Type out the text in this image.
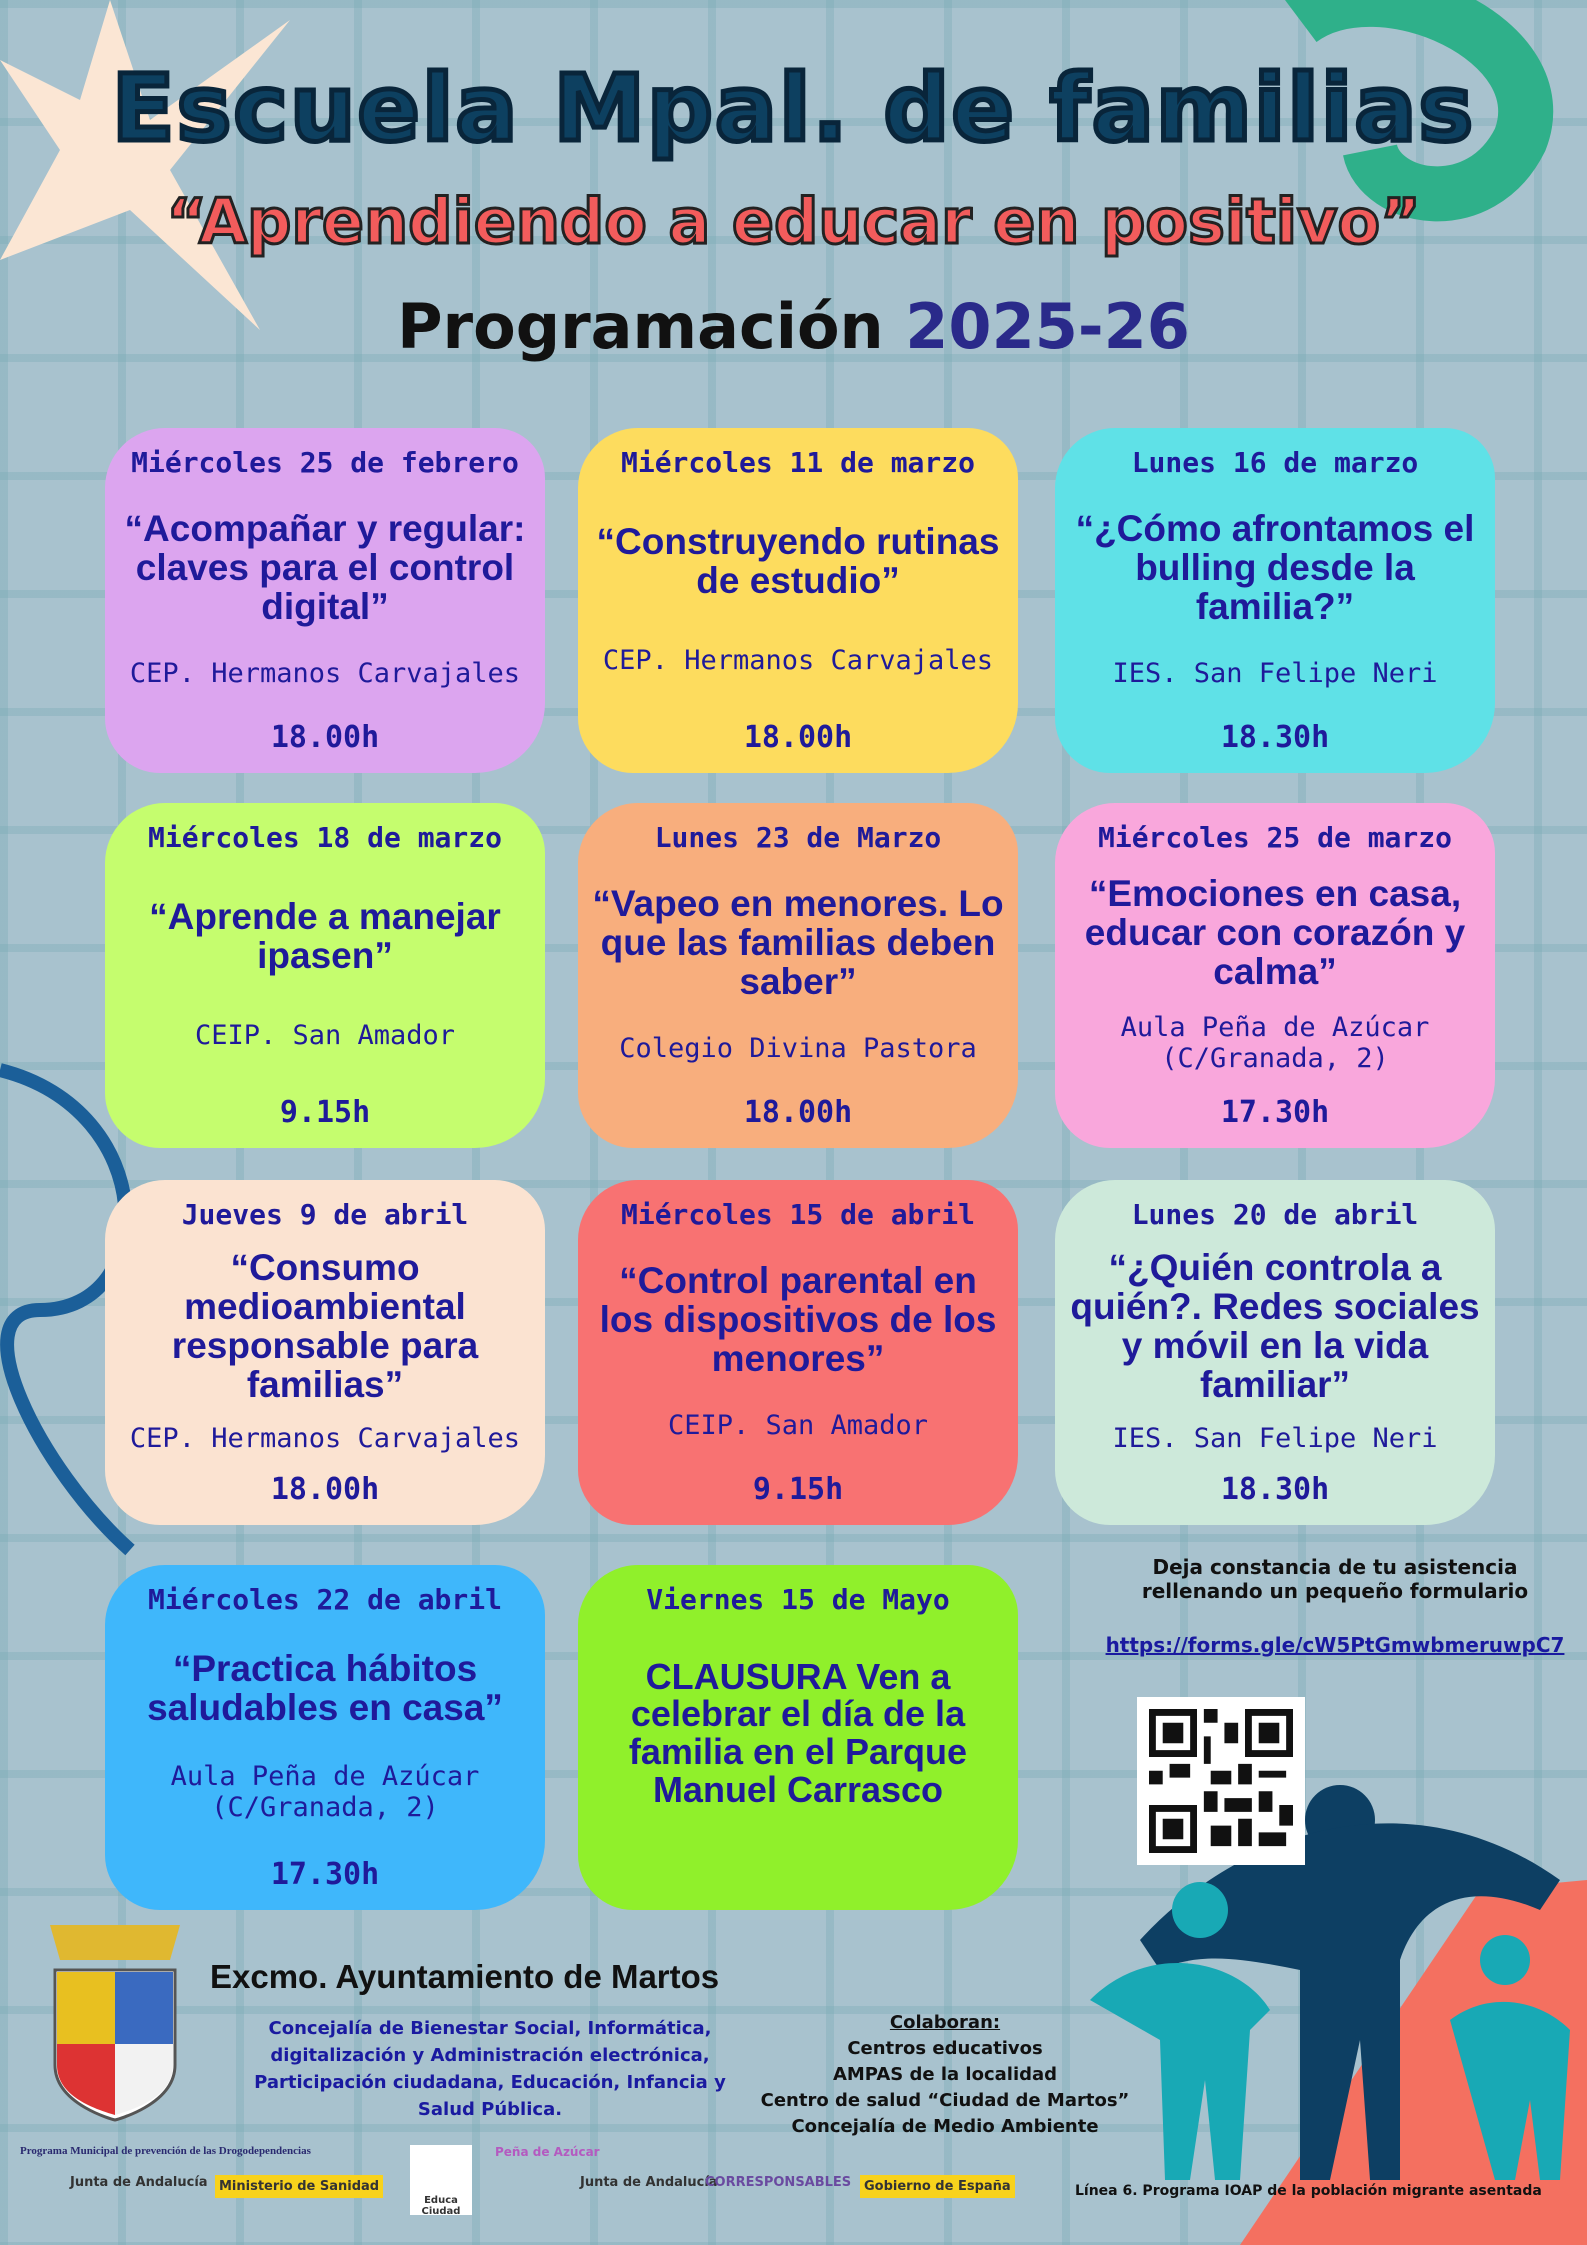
Escuela Mpal. de familias
“Aprendiendo a educar en positivo”
Programación 2025-26
Miércoles 25 de febrero
“Acompañar y regular: claves para el control digital”
CEP. Hermanos Carvajales
18.00h
Miércoles 11 de marzo
“Construyendo rutinas de estudio”
CEP. Hermanos Carvajales
18.00h
Lunes 16 de marzo
“¿Cómo afrontamos el bulling desde la familia?”
IES. San Felipe Neri
18.30h
Miércoles 18 de marzo
“Aprende a manejar ipasen”
CEIP. San Amador
9.15h
Lunes 23 de Marzo
“Vapeo en menores. Lo que las familias deben saber”
Colegio Divina Pastora
18.00h
Miércoles 25 de marzo
“Emociones en casa, educar con corazón y calma”
Aula Peña de Azúcar (C/Granada, 2)
17.30h
Jueves 9 de abril
“Consumo medioambiental responsable para familias”
CEP. Hermanos Carvajales
18.00h
Miércoles 15 de abril
“Control parental en los dispositivos de los menores”
CEIP. San Amador
9.15h
Lunes 20 de abril
“¿Quién controla a quién?. Redes sociales y móvil en la vida familiar”
IES. San Felipe Neri
18.30h
Miércoles 22 de abril
“Practica hábitos saludables en casa”
Aula Peña de Azúcar (C/Granada, 2)
17.30h
Viernes 15 de Mayo
CLAUSURA Ven a celebrar el día de la familia en el Parque Manuel Carrasco
Deja constancia de tu asistencia rellenando un pequeño formulario
https://forms.gle/cW5PtGmwbmeruwpC7
Excmo. Ayuntamiento de Martos
Concejalía de Bienestar Social, Informática, digitalización y Administración electrónica, Participación ciudadana, Educación, Infancia y Salud Pública.
Colaboran:
Centros educativos
AMPAS de la localidad
Centro de salud “Ciudad de Martos”
Concejalía de Medio Ambiente
Programa Municipal de prevención de las Drogodependencias
Junta de Andalucía Ministerio de Sanidad
Educa Ciudad
Peña de Azúcar
Junta de Andalucía
CORRESPONSABLES Gobierno de España	Línea 6. Programa IOAP de la población migrante asentada
